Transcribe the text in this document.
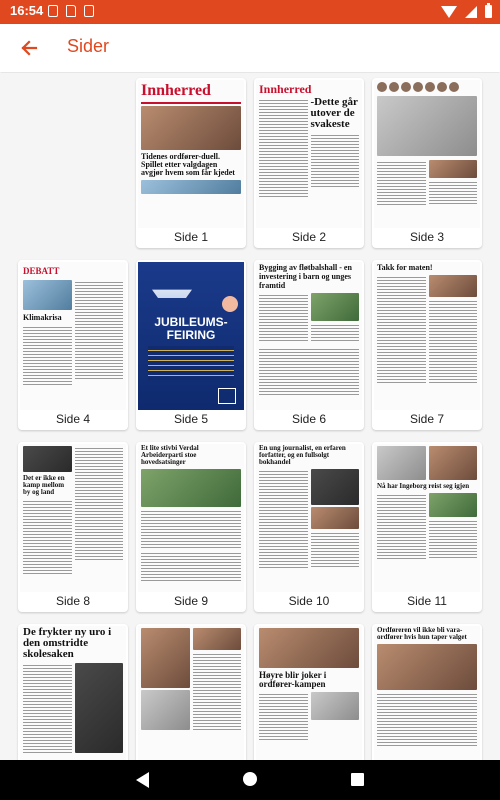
16:54
Sider
Innherred
Tidenes ordfører-duell. Spillet etter valgdagen avgjør hvem som får kjedet
Side 1
Innherred
-Dette går utover de svakeste
Side 2	Side 3
DEBATT
Klimakrisa
Side 4
JUBILEUMS-FEIRING
Side 5
Bygging av fløtbalshall - en investering i barn og unges framtid
Side 6
Takk for maten!
Side 7
Det er ikke en kamp mellom by og land
Side 8
Et lite stivbi Verdal Arbeiderparti stoe hovedsatsinger
Side 9
En ung journalist, en erfaren forfatter, og en fullsolgt bokhandel
Side 10
Nå har Ingeborg reist seg igjen
Side 11
De frykter ny uro i den omstridte skolesaken
Høyre blir joker i ordfører-kampen
Ordføreren vil ikke bli vara-ordfører hvis hun taper valget
